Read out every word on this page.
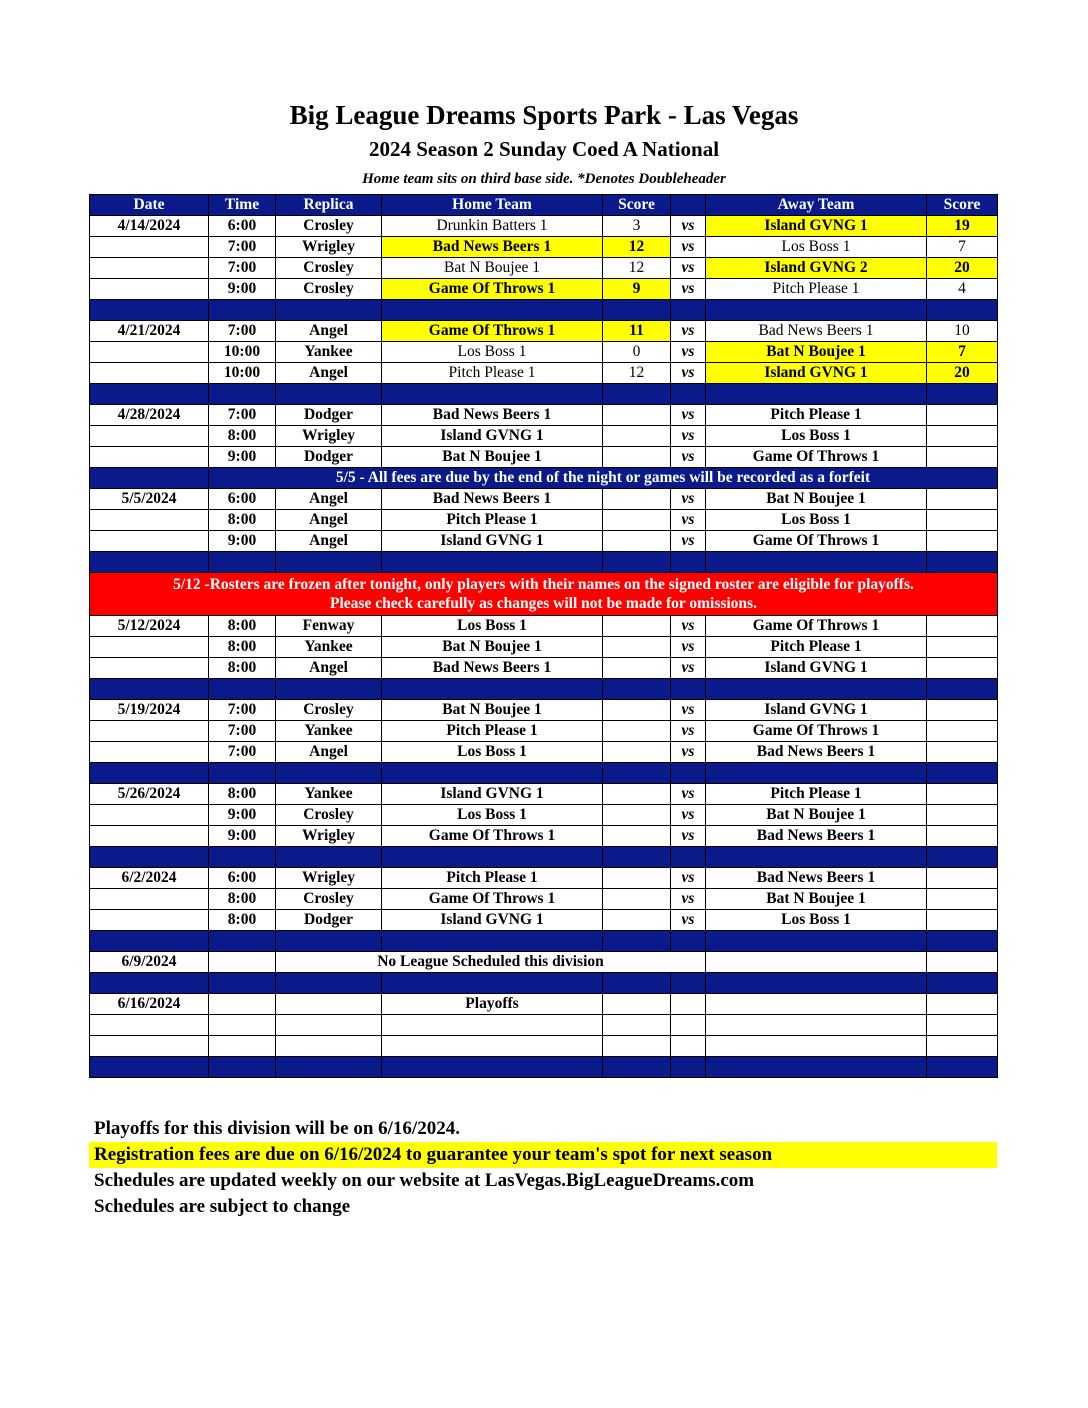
Big League Dreams Sports Park - Las Vegas
2024 Season 2 Sunday Coed A National
Home team sits on third base side. *Denotes Doubleheader
Date	Time	Replica	Home Team	Score		Away Team	Score	
4/14/2024	6:00	Crosley	Drunkin Batters 1	3	vs	Island GVNG 1	19	
	7:00	Wrigley	Bad News Beers 1	12	vs	Los Boss 1	7	
	7:00	Crosley	Bat N Boujee 1	12	vs	Island GVNG 2	20	
	9:00	Crosley	Game Of Throws 1	9	vs	Pitch Please 1	4	

4/21/2024	7:00	Angel	Game Of Throws 1	11	vs	Bad News Beers 1	10	
	10:00	Yankee	Los Boss 1	0	vs	Bat N Boujee 1	7	
	10:00	Angel	Pitch Please 1	12	vs	Island GVNG 1	20	

4/28/2024	7:00	Dodger	Bad News Beers 1		vs	Pitch Please 1		
	8:00	Wrigley	Island GVNG 1		vs	Los Boss 1		
	9:00	Dodger	Bat N Boujee 1		vs	Game Of Throws 1		
	5/5 - All fees are due by the end of the night or games will be recorded as a forfeit							
5/5/2024	6:00	Angel	Bad News Beers 1		vs	Bat N Boujee 1		
	8:00	Angel	Pitch Please 1		vs	Los Boss 1		
	9:00	Angel	Island GVNG 1		vs	Game Of Throws 1		

5/12 -Rosters are frozen after tonight, only players with their names on the signed roster are eligible for playoffs.
Please check carefully as changes will not be made for omissions.								

5/12/2024	8:00	Fenway	Los Boss 1		vs	Game Of Throws 1		
	8:00	Yankee	Bat N Boujee 1		vs	Pitch Please 1		
	8:00	Angel	Bad News Beers 1		vs	Island GVNG 1		

5/19/2024	7:00	Crosley	Bat N Boujee 1		vs	Island GVNG 1		
	7:00	Yankee	Pitch Please 1		vs	Game Of Throws 1		
	7:00	Angel	Los Boss 1		vs	Bad News Beers 1		

5/26/2024	8:00	Yankee	Island GVNG 1		vs	Pitch Please 1		
	9:00	Crosley	Los Boss 1		vs	Bat N Boujee 1		
	9:00	Wrigley	Game Of Throws 1		vs	Bad News Beers 1		

6/2/2024	6:00	Wrigley	Pitch Please 1		vs	Bad News Beers 1		
	8:00	Crosley	Game Of Throws 1		vs	Bat N Boujee 1		
	8:00	Dodger	Island GVNG 1		vs	Los Boss 1		

6/9/2024		No League Scheduled this division						

6/16/2024			Playoffs					

Playoffs for this division will be on 6/16/2024.
Registration fees are due on 6/16/2024 to guarantee your team's spot for next season
Schedules are updated weekly on our website at LasVegas.BigLeagueDreams.com
Schedules are subject to change
